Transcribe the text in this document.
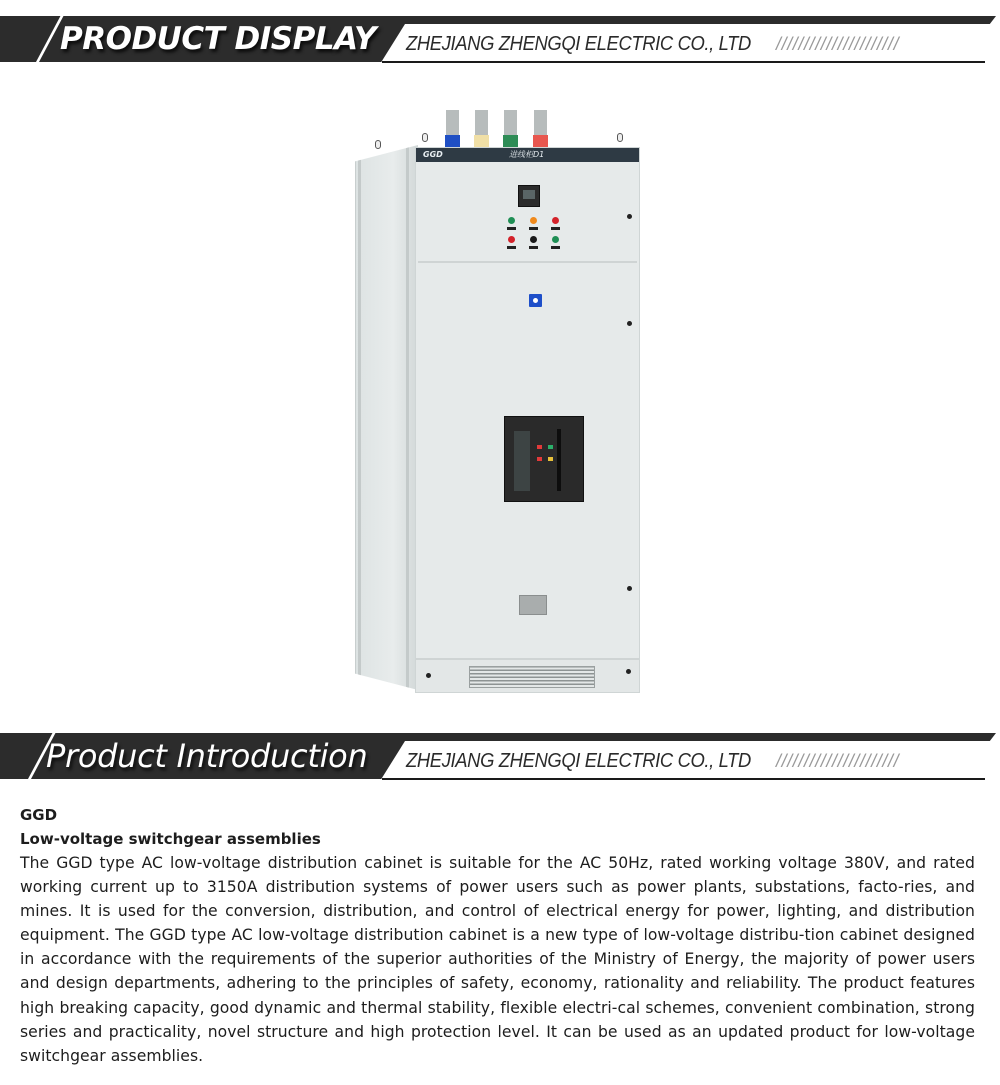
PRODUCT DISPLAY ZHEJIANG ZHENGQI ELECTRIC CO., LTD //////////////////////
GGD	进线柜D1
Product Introduction ZHEJIANG ZHENGQI ELECTRIC CO., LTD //////////////////////

GGD

Low-voltage switchgear assemblies

The GGD type AC low-voltage distribution cabinet is suitable for the AC 50Hz, rated working voltage 380V, and rated working current up to 3150A distribution systems of power users such as power plants, substations, facto-ries, and mines. It is used for the conversion, distribution, and control of electrical energy for power, lighting, and distribution equipment. The GGD type AC low-voltage distribution cabinet is a new type of low-voltage distribu-tion cabinet designed in accordance with the requirements of the superior authorities of the Ministry of Energy, the majority of power users and design departments, adhering to the principles of safety, economy, rationality and reliability. The product features high breaking capacity, good dynamic and thermal stability, flexible electri-cal schemes, convenient combination, strong series and practicality, novel structure and high protection level. It can be used as an updated product for low-voltage switchgear assemblies.
